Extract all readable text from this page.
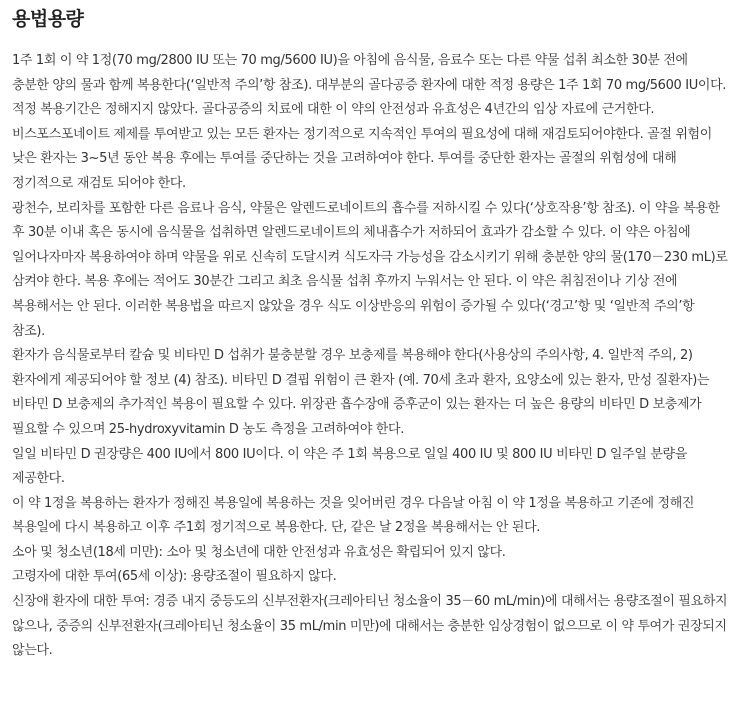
용법용량

1주 1회 이 약 1정(70 mg/2800 IU 또는 70 mg/5600 IU)을 아침에 음식물, 음료수 또는 다른 약물 섭취 최소한 30분 전에 충분한 양의 물과 함께 복용한다(‘일반적 주의’항 참조). 대부분의 골다공증 환자에 대한 적정 용량은 1주 1회 70 mg/5600 IU이다.

적정 복용기간은 정해지지 않았다. 골다공증의 치료에 대한 이 약의 안전성과 유효성은 4년간의 임상 자료에 근거한다. 비스포스포네이트 제제를 투여받고 있는 모든 환자는 정기적으로 지속적인 투여의 필요성에 대해 재검토되어야한다. 골절 위험이 낮은 환자는 3~5년 동안 복용 후에는 투여를 중단하는 것을 고려하여야 한다. 투여를 중단한 환자는 골절의 위험성에 대해 정기적으로 재검토 되어야 한다.

광천수, 보리차를 포함한 다른 음료나 음식, 약물은 알렌드로네이트의 흡수를 저하시킬 수 있다(‘상호작용’항 참조). 이 약을 복용한 후 30분 이내 혹은 동시에 음식물을 섭취하면 알렌드로네이트의 체내흡수가 저하되어 효과가 감소할 수 있다. 이 약은 아침에 일어나자마자 복용하여야 하며 약물을 위로 신속히 도달시켜 식도자극 가능성을 감소시키기 위해 충분한 양의 물(170－230 mL)로 삼켜야 한다. 복용 후에는 적어도 30분간 그리고 최초 음식물 섭취 후까지 누워서는 안 된다. 이 약은 취침전이나 기상 전에 복용해서는 안 된다. 이러한 복용법을 따르지 않았을 경우 식도 이상반응의 위험이 증가될 수 있다(‘경고’항 및 ‘일반적 주의’항 참조).

환자가 음식물로부터 칼슘 및 비타민 D 섭취가 불충분할 경우 보충제를 복용해야 한다(사용상의 주의사항, 4. 일반적 주의, 2) 환자에게 제공되어야 할 정보 (4) 참조). 비타민 D 결핍 위험이 큰 환자 (예. 70세 초과 환자, 요양소에 있는 환자, 만성 질환자)는 비타민 D 보충제의 추가적인 복용이 필요할 수 있다. 위장관 흡수장애 증후군이 있는 환자는 더 높은 용량의 비타민 D 보충제가 필요할 수 있으며 25-hydroxyvitamin D 농도 측정을 고려하여야 한다.

일일 비타민 D 권장량은 400 IU에서 800 IU이다. 이 약은 주 1회 복용으로 일일 400 IU 및 800 IU 비타민 D 일주일 분량을 제공한다.

이 약 1정을 복용하는 환자가 정해진 복용일에 복용하는 것을 잊어버린 경우 다음날 아침 이 약 1정을 복용하고 기존에 정해진 복용일에 다시 복용하고 이후 주1회 정기적으로 복용한다. 단, 같은 날 2정을 복용해서는 안 된다.

소아 및 청소년(18세 미만): 소아 및 청소년에 대한 안전성과 유효성은 확립되어 있지 않다.

고령자에 대한 투여(65세 이상): 용량조절이 필요하지 않다.

신장애 환자에 대한 투여: 경증 내지 중등도의 신부전환자(크레아티닌 청소율이 35－60 mL/min)에 대해서는 용량조절이 필요하지 않으나, 중증의 신부전환자(크레아티닌 청소율이 35 mL/min 미만)에 대해서는 충분한 임상경험이 없으므로 이 약 투여가 권장되지 않는다.
